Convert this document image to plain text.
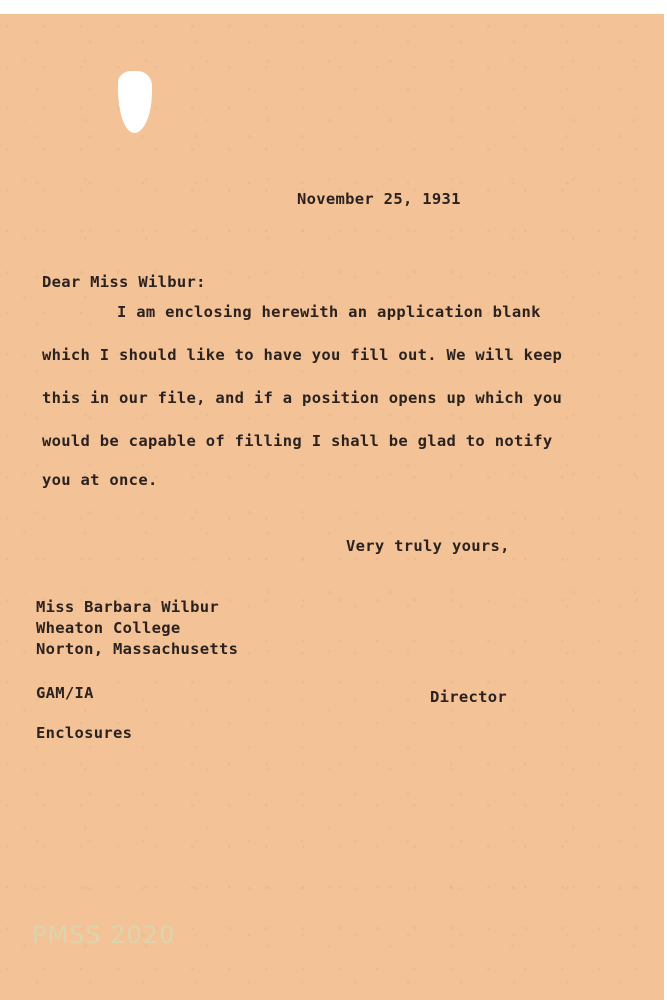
November 25, 1931
Dear Miss Wilbur:
I am enclosing herewith an application blank
which I should like to have you fill out. We will keep
this in our file, and if a position opens up which you
would be capable of filling I shall be glad to notify
you at once.
Very truly yours,
Miss Barbara Wilbur
Wheaton College
Norton, Massachusetts
GAM/IA	Director
Enclosures
PMSS 2020
